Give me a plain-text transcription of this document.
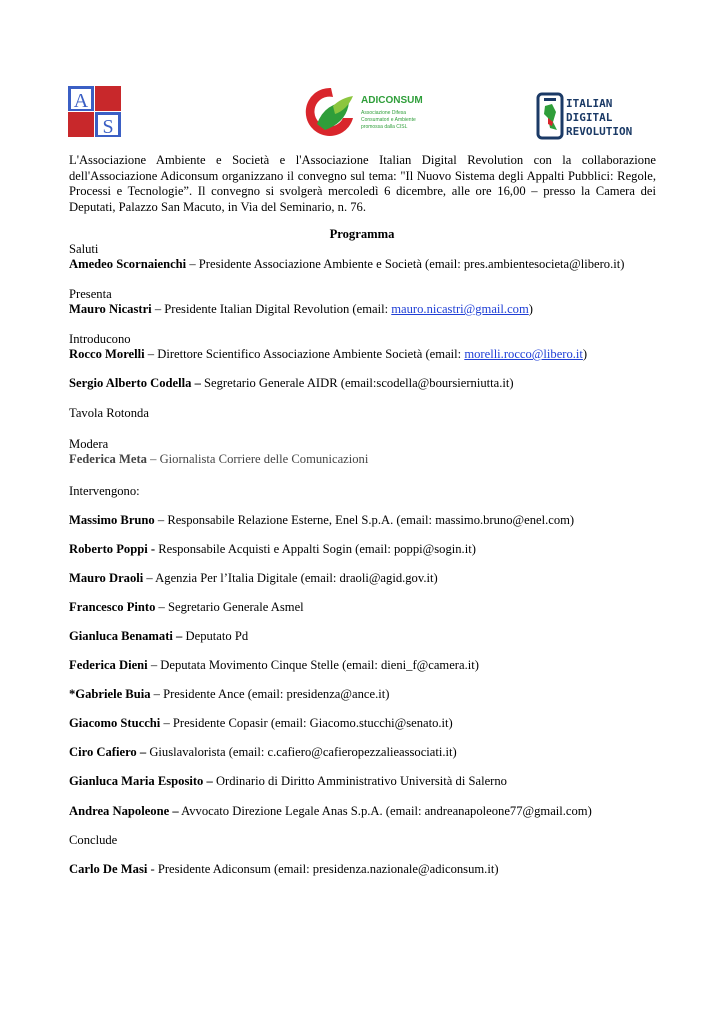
A
S
ADICONSUM
Associazione Difesa
Consumatori e Ambiente
promossa dalla CISL
ITALIAN
DIGITAL
REVOLUTION

L'Associazione Ambiente e Società e l'Associazione Italian Digital Revolution con la collaborazione dell'Associazione Adiconsum organizzano il convegno sul tema: "Il Nuovo Sistema degli Appalti Pubblici: Regole, Processi e Tecnologie”. Il convegno si svolgerà mercoledì 6 dicembre, alle ore 16,00 – presso la Camera dei Deputati, Palazzo San Macuto, in Via del Seminario, n. 76.

Programma
Saluti
Amedeo Scornaienchi – Presidente Associazione Ambiente e Società (email: pres.ambientesocieta@libero.it)
Presenta
Mauro Nicastri – Presidente Italian Digital Revolution (email: mauro.nicastri@gmail.com)
Introducono
Rocco Morelli – Direttore Scientifico Associazione Ambiente Società (email: morelli.rocco@libero.it)
Sergio Alberto Codella – Segretario Generale AIDR (email:scodella@boursierniutta.it)
Tavola Rotonda
Modera
Federica Meta – Giornalista Corriere delle Comunicazioni
Intervengono:
Massimo Bruno – Responsabile Relazione Esterne, Enel S.p.A. (email: massimo.bruno@enel.com)
Roberto Poppi - Responsabile Acquisti e Appalti Sogin (email: poppi@sogin.it)
Mauro Draoli – Agenzia Per l’Italia Digitale (email: draoli@agid.gov.it)
Francesco Pinto – Segretario Generale Asmel
Gianluca Benamati – Deputato Pd
Federica Dieni – Deputata Movimento Cinque Stelle (email: dieni_f@camera.it)
*Gabriele Buia – Presidente Ance (email: presidenza@ance.it)
Giacomo Stucchi – Presidente Copasir (email: Giacomo.stucchi@senato.it)
Ciro Cafiero – Giuslavalorista (email: c.cafiero@cafieropezzalieassociati.it)
Gianluca Maria Esposito – Ordinario di Diritto Amministrativo Università di Salerno
Andrea Napoleone – Avvocato Direzione Legale Anas S.p.A. (email: andreanapoleone77@gmail.com)
Conclude
Carlo De Masi - Presidente Adiconsum (email: presidenza.nazionale@adiconsum.it)
